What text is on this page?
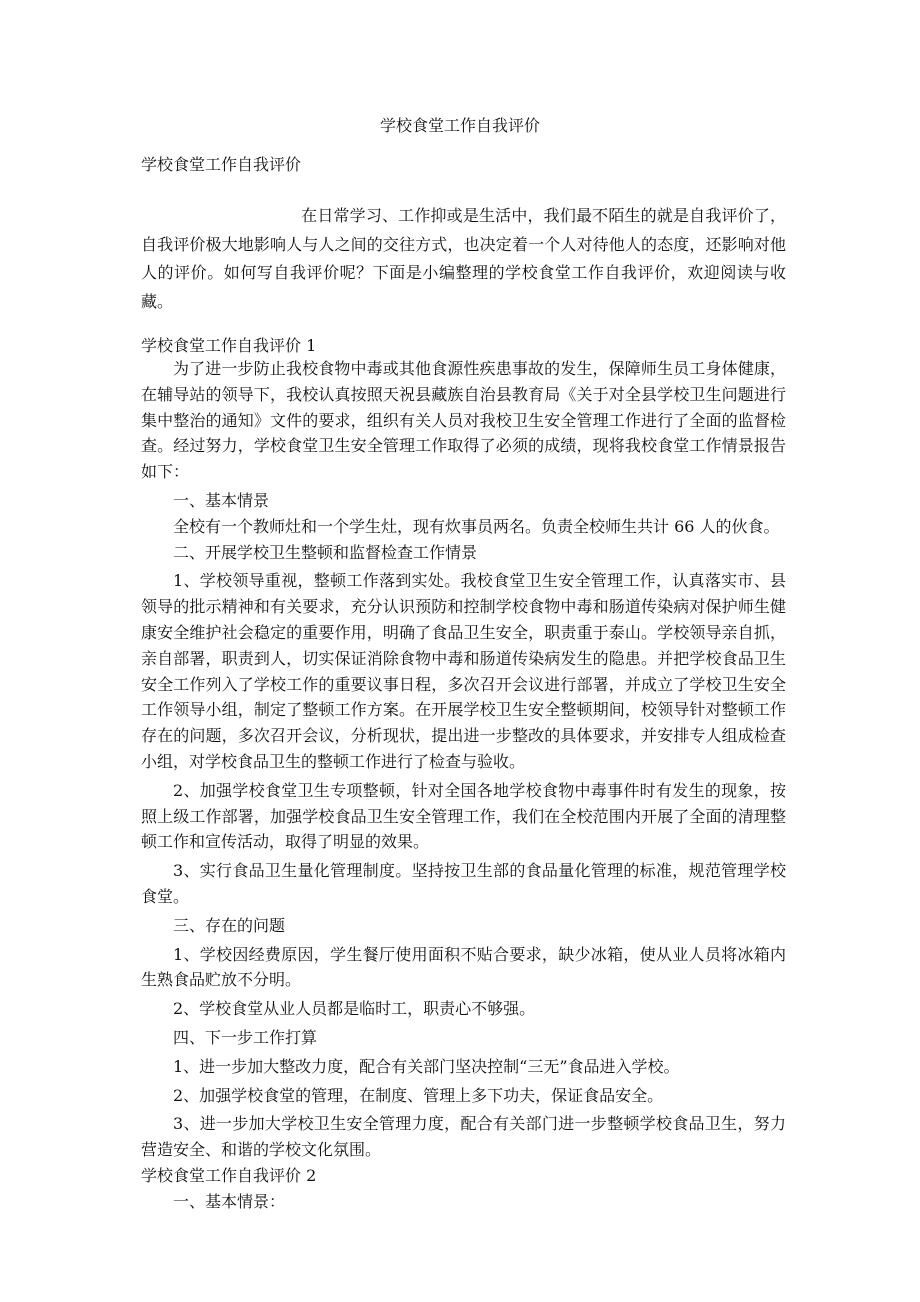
学校食堂工作自我评价
学校食堂工作自我评价
在日常学习、工作抑或是生活中，我们最不陌生的就是自我评价了，自我评价极大地影响人与人之间的交往方式，也决定着一个人对待他人的态度，还影响对他人的评价。如何写自我评价呢？下面是小编整理的学校食堂工作自我评价，欢迎阅读与收藏。

学校食堂工作自我评价 1

为了进一步防止我校食物中毒或其他食源性疾患事故的发生，保障师生员工身体健康，在辅导站的领导下，我校认真按照天祝县藏族自治县教育局《关于对全县学校卫生问题进行集中整治的通知》文件的要求，组织有关人员对我校卫生安全管理工作进行了全面的监督检查。经过努力，学校食堂卫生安全管理工作取得了必须的成绩，现将我校食堂工作情景报告如下：

一、基本情景

全校有一个教师灶和一个学生灶，现有炊事员两名。负责全校师生共计 66 人的伙食。

二、开展学校卫生整顿和监督检查工作情景

1、学校领导重视，整顿工作落到实处。我校食堂卫生安全管理工作，认真落实市、县领导的批示精神和有关要求，充分认识预防和控制学校食物中毒和肠道传染病对保护师生健康安全维护社会稳定的重要作用，明确了食品卫生安全，职责重于泰山。学校领导亲自抓，亲自部署，职责到人，切实保证消除食物中毒和肠道传染病发生的隐患。并把学校食品卫生安全工作列入了学校工作的重要议事日程，多次召开会议进行部署，并成立了学校卫生安全工作领导小组，制定了整顿工作方案。在开展学校卫生安全整顿期间，校领导针对整顿工作存在的问题，多次召开会议，分析现状，提出进一步整改的具体要求，并安排专人组成检查小组，对学校食品卫生的整顿工作进行了检查与验收。

2、加强学校食堂卫生专项整顿，针对全国各地学校食物中毒事件时有发生的现象，按照上级工作部署，加强学校食品卫生安全管理工作，我们在全校范围内开展了全面的清理整顿工作和宣传活动，取得了明显的效果。

3、实行食品卫生量化管理制度。坚持按卫生部的食品量化管理的标准，规范管理学校食堂。

三、存在的问题

1、学校因经费原因，学生餐厅使用面积不贴合要求，缺少冰箱，使从业人员将冰箱内生熟食品贮放不分明。

2、学校食堂从业人员都是临时工，职责心不够强。

四、下一步工作打算

1、进一步加大整改力度，配合有关部门坚决控制“三无”食品进入学校。

2、加强学校食堂的管理，在制度、管理上多下功夫，保证食品安全。

3、进一步加大学校卫生安全管理力度，配合有关部门进一步整顿学校食品卫生，努力营造安全、和谐的学校文化氛围。

学校食堂工作自我评价 2

一、基本情景：
